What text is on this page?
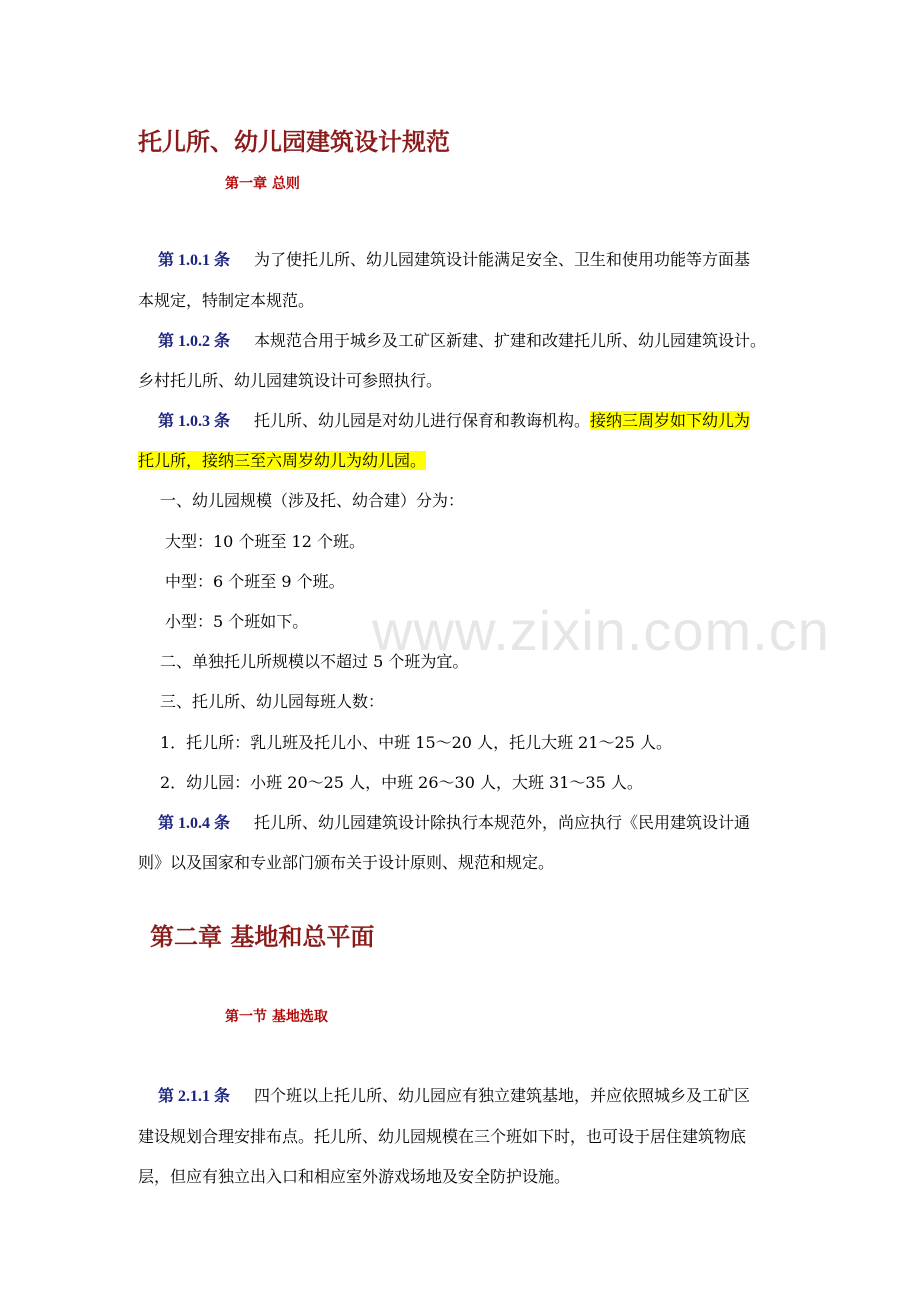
www.zixin.com.cn
托儿所、幼儿园建筑设计规范
第一章 总则
第 1.0.1 条 为了使托儿所、幼儿园建筑设计能满足安全、卫生和使用功能等方面基
本规定，特制定本规范。
第 1.0.2 条 本规范合用于城乡及工矿区新建、扩建和改建托儿所、幼儿园建筑设计。
乡村托儿所、幼儿园建筑设计可参照执行。
第 1.0.3 条 托儿所、幼儿园是对幼儿进行保育和教诲机构。接纳三周岁如下幼儿为
托儿所，接纳三至六周岁幼儿为幼儿园。
一、幼儿园规模（涉及托、幼合建）分为：
大型：10 个班至 12 个班。
中型：6 个班至 9 个班。
小型：5 个班如下。
二、单独托儿所规模以不超过 5 个班为宜。
三、托儿所、幼儿园每班人数：
1．托儿所：乳儿班及托儿小、中班 15～20 人，托儿大班 21～25 人。
2．幼儿园：小班 20～25 人，中班 26～30 人，大班 31～35 人。
第 1.0.4 条 托儿所、幼儿园建筑设计除执行本规范外，尚应执行《民用建筑设计通
则》以及国家和专业部门颁布关于设计原则、规范和规定。
第二章 基地和总平面
第一节 基地选取
第 2.1.1 条 四个班以上托儿所、幼儿园应有独立建筑基地，并应依照城乡及工矿区
建设规划合理安排布点。托儿所、幼儿园规模在三个班如下时，也可设于居住建筑物底
层，但应有独立出入口和相应室外游戏场地及安全防护设施。
